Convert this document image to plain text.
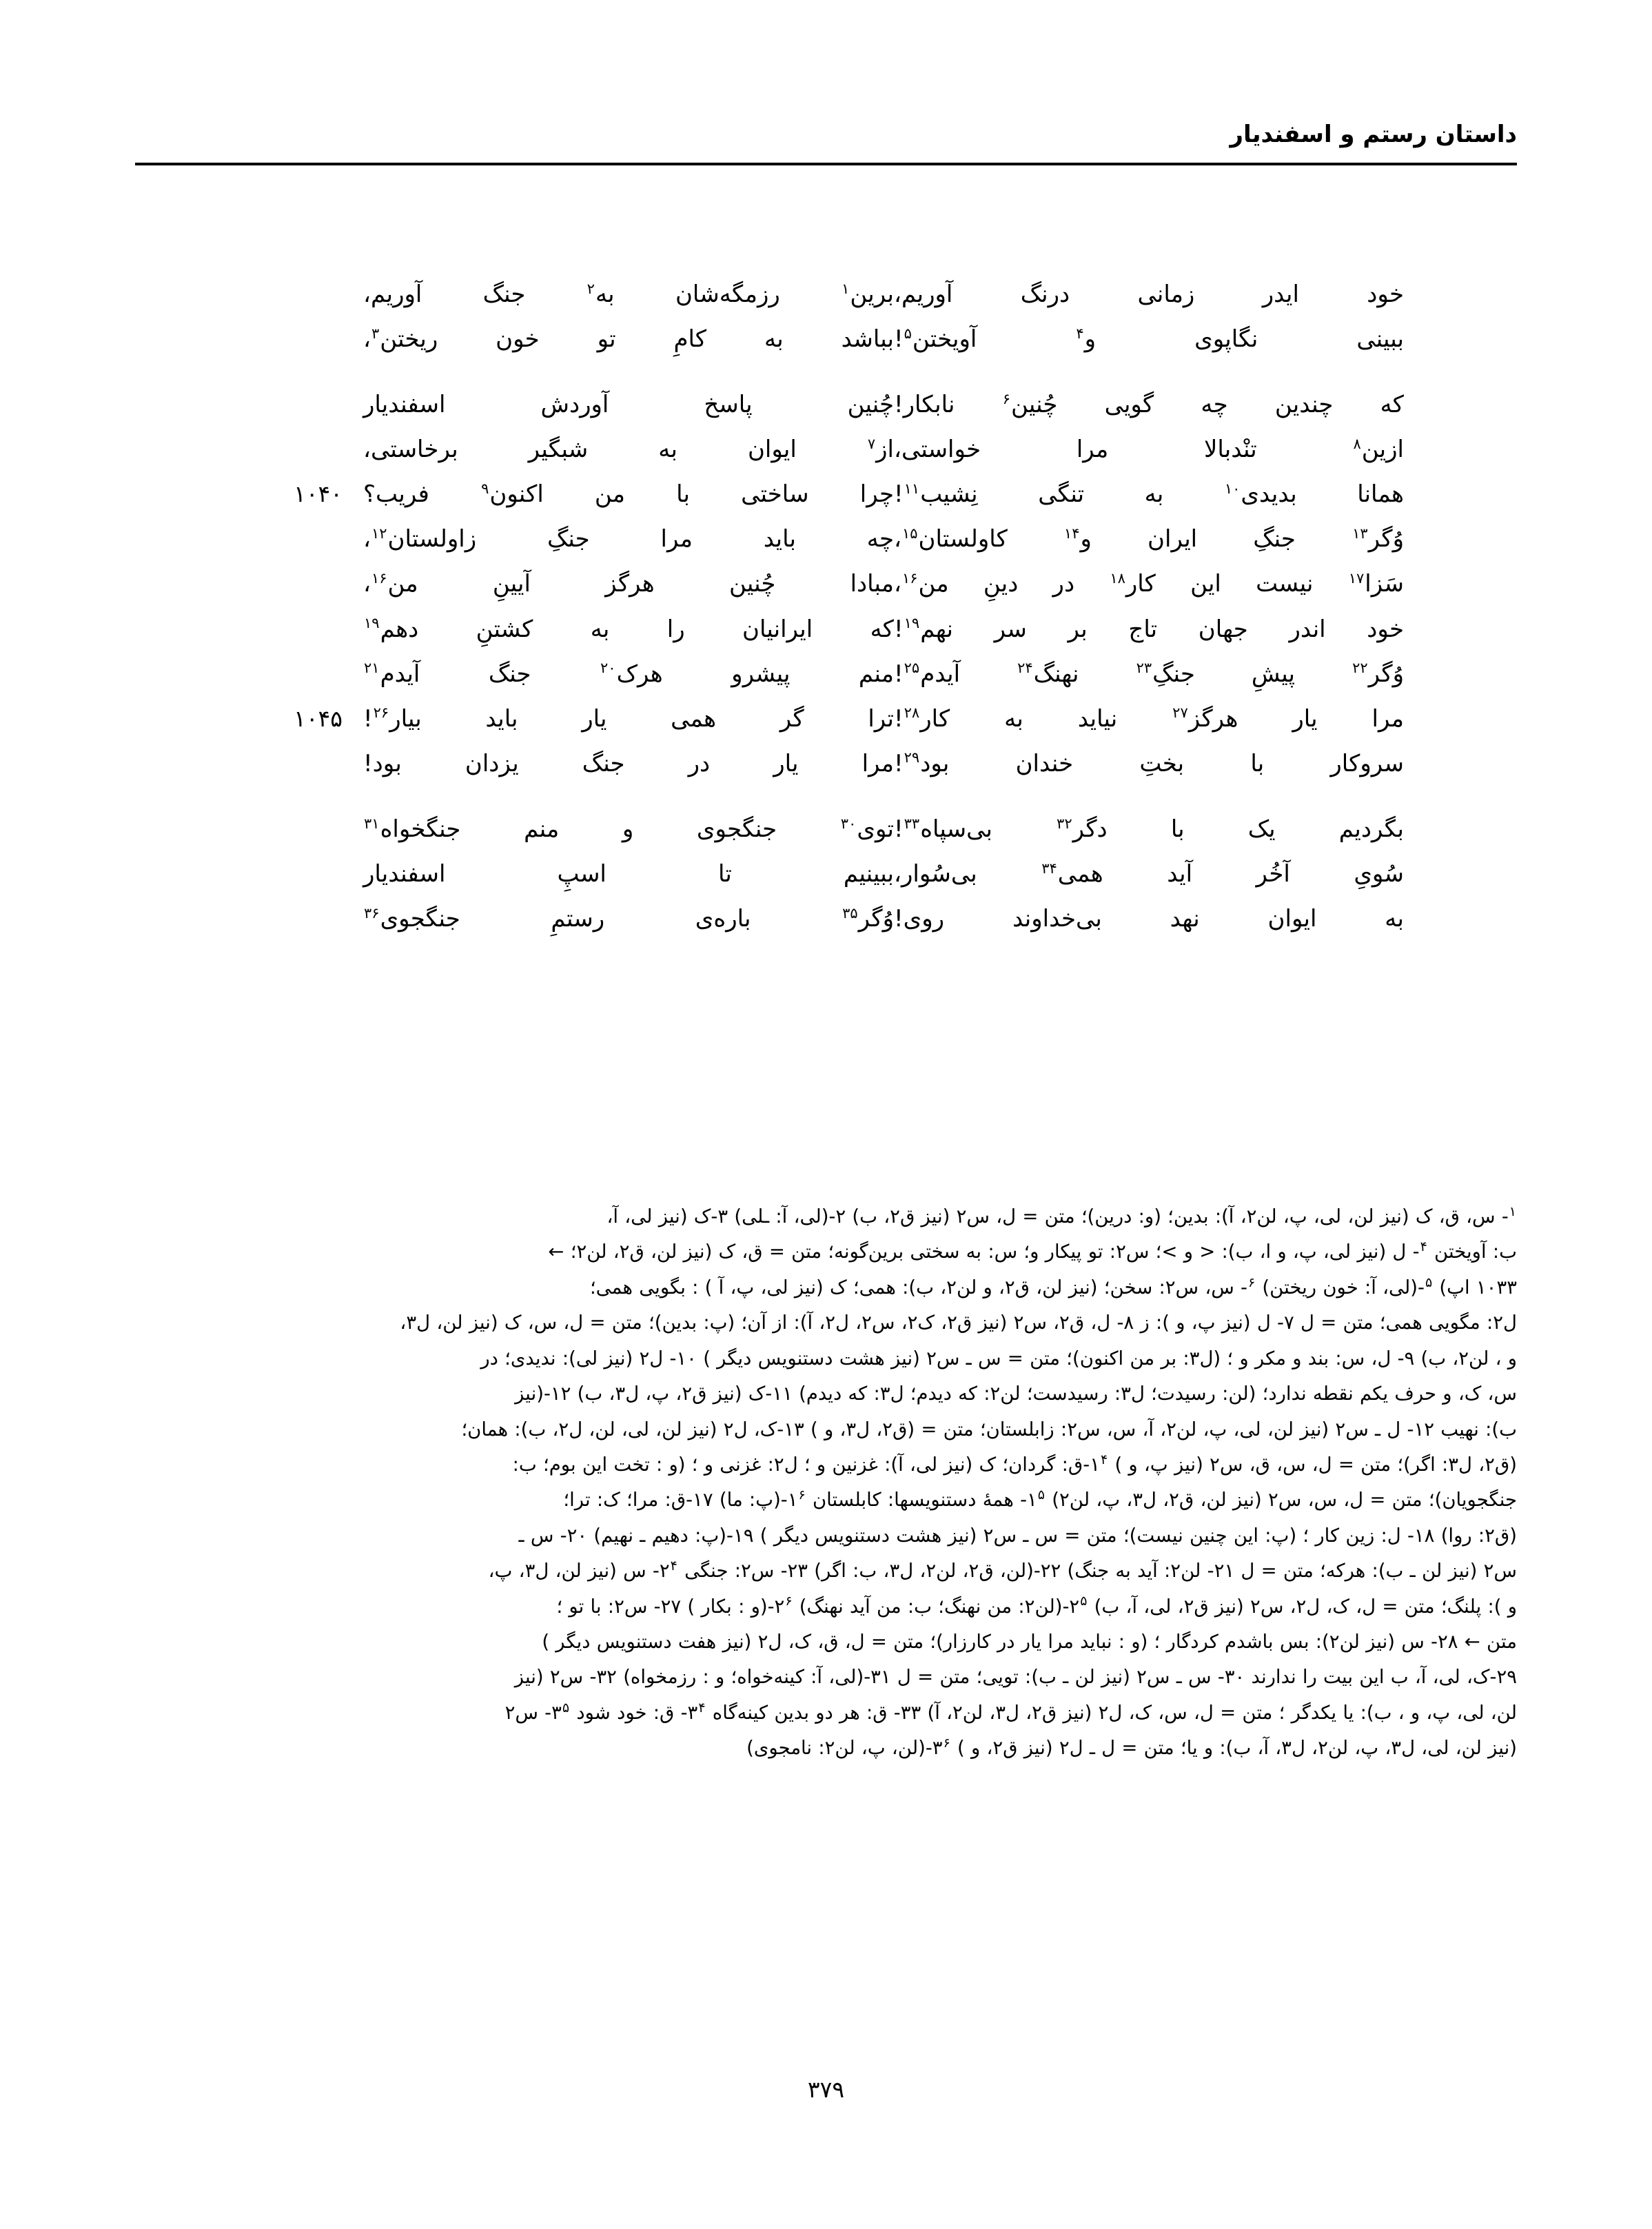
داستان رستم و اسفندیار
خود ایدر زمانی درنگ آوریم،
برین$^۱$ رزمگه‌شان به$^۲$ جنگ آوریم،
ببینی نگاپوی و$^۴$ آویختن$^۵$!
بباشد به کامِ تو خون ریختن$^۳$،
که چندین چه گویی چُنین$^۶$ نابکار!
چُنین پاسخ آوردش اسفندیار
ازین$^۸$ تنْدبالا مرا خواستی،
از$^۷$ ایوان به شبگیر برخاستی،
همانا بدیدی$^{۱۰}$ به تنگی نِشیب$^{۱۱}$!
چرا ساختی با من اکنون$^۹$ فریب؟
۱۰۴۰
وُگر$^{۱۳}$ جنگِ ایران و$^{۱۴}$ کاولستان$^{۱۵}$،
چه باید مرا جنگِ زاولستان$^{۱۲}$،
سَزا$^{۱۷}$ نیست این کار$^{۱۸}$ در دینِ من$^{۱۶}$،
مبادا چُنین هرگز آیینِ من$^{۱۶}$،
خود اندر جهان تاج بر سر نهم$^{۱۹}$!
که ایرانیان را به کشتنِ دهم$^{۱۹}$
وُگر$^{۲۲}$ پیشِ جنگِ$^{۲۳}$ نهنگ$^{۲۴}$ آیدم$^{۲۵}$!
منم پیشرو هرک$^{۲۰}$ جنگ آیدم$^{۲۱}$
مرا یار هرگز$^{۲۷}$ نیاید به کار$^{۲۸}$!
ترا گر همی یار باید بیار$^{۲۶}$!
۱۰۴۵
سروکار با بختِ خندان بود$^{۲۹}$!
مرا یار در جنگ یزدان بود!
بگردیم یک با دگر$^{۳۲}$ بی‌سپاه$^{۳۳}$!
توی$^{۳۰}$ جنگجوی و منم جنگخواه$^{۳۱}$
سُویِ آخُر آید همی$^{۳۴}$ بی‌سُوار،
ببینیم تا اسپِ اسفندیار
به ایوان نهد بی‌خداوند روی!
وُگر$^{۳۵}$ باره‌ی رستمِ جنگجوی$^{۳۶}$
$^۱$- س، ق، ک (نیز لن، لی، پ، لن٢، آ): بدین؛ (و: درین)؛ متن = ل، س٢ (نیز ق٢، ب) ٢-(لی، آ: ـلی) ٣-ک (نیز لی، آ،
ب: آویختن $^۴$- ل (نیز لی، پ، و ا، ب): < و >؛ س٢: تو پیکار و؛ س: به سختی برین‌گونه؛ متن = ق، ک (نیز لن، ق٢، لن٢؛ ←
١٠٣٣ اپ) $^۵$-(لی، آ: خون ریختن) $^۶$- س، س٢: سخن؛ (نیز لن، ق٢، و لن٢، ب): همی؛ ک (نیز لی، پ، آ ) : بگویی همی؛
ل٢: مگویی همی؛ متن = ل ٧- ل (نیز پ، و ): ز ٨- ل، ق٢، س٢ (نیز ق٢، ک٢، س٢، ل٢، آ): از آن؛ (پ: بدین)؛ متن = ل، س، ک (نیز لن، ل٣،
و ، لن٢، ب) ٩- ل، س: بند و مکر و ؛ (ل٣: بر من اکنون)؛ متن = س ـ س٢ (نیز هشت دستنویس دیگر ) ١٠- ل٢ (نیز لی): ندیدی؛ در
س، ک، و حرف یکم نقطه ندارد؛ (لن: رسیدت؛ ل٣: رسیدست؛ لن٢: که دیدم؛ ل٣: که دیدم) ١١-ک (نیز ق٢، پ، ل٣، ب) ١٢-(نیز
ب): نهیب ١٢- ل ـ س٢ (نیز لن، لی، پ، لن٢، آ، س، س٢: زابلستان؛ متن = (ق٢، ل٣، و ) ١٣-ک، ل٢ (نیز لن، لی، لن، ل٢، ب): همان؛
(ق٢، ل٣: اگر)؛ متن = ل، س، ق، س٢ (نیز پ، و ) ١$^۴$-ق: گردان؛ ک (نیز لی، آ): غزنین و ؛ ل٢: غزنی و ؛ (و : تخت این بوم؛ ب:
جنگجویان)؛ متن = ل، س، س٢ (نیز لن، ق٢، ل٣، پ، لن٢) ١$^۵$- همهٔ دستنویسها: کابلستان ١$^۶$-(پ: ما) ١٧-ق: مرا؛ ک: ترا؛
(ق٢: روا) ١٨- ل: زین کار ؛ (پ: این چنین نیست)؛ متن = س ـ س٢ (نیز هشت دستنویس دیگر ) ١٩-(پ: دهیم ـ نهیم) ٢٠- س ـ
س٢ (نیز لن ـ ب): هرکه؛ متن = ل ٢١- لن٢: آید به جنگ) ٢٢-(لن، ق٢، لن٢، ل٣، ب: اگر) ٢٣- س٢: جنگی ٢$^۴$- س (نیز لن، ل٣، پ،
و ): پلنگ؛ متن = ل، ک، ل٢، س٢ (نیز ق٢، لی، آ، ب) ٢$^۵$-(لن٢: من نهنگ؛ ب: من آید نهنگ) ٢$^۶$-(و : بکار ) ٢٧- س٢: با تو ؛
متن ← ٢٨- س (نیز لن٢): بس باشدم کردگار ؛ (و : نباید مرا یار در کارزار)؛ متن = ل، ق، ک، ل٢ (نیز هفت دستنویس دیگر )
٢٩-ک، لی، آ، ب این بیت را ندارند ٣٠- س ـ س٢ (نیز لن ـ ب): تویی؛ متن = ل ٣١-(لی، آ: کینه‌خواه؛ و : رزمخواه) ٣٢- س٢ (نیز
لن، لی، پ، و ، ب): یا یکدگر ؛ متن = ل، س، ک، ل٢ (نیز ق٢، ل٣، لن٢، آ) ٣٣- ق: هر دو بدین کینه‌گاه ٣$^۴$- ق: خود شود ٣$^۵$- س٢
(نیز لن، لی، ل٣، پ، لن٢، ل٣، آ، ب): و یا؛ متن = ل ـ ل٢ (نیز ق٢، و ) ٣$^۶$-(لن، پ، لن٢: نامجوی)
۳۷۹
